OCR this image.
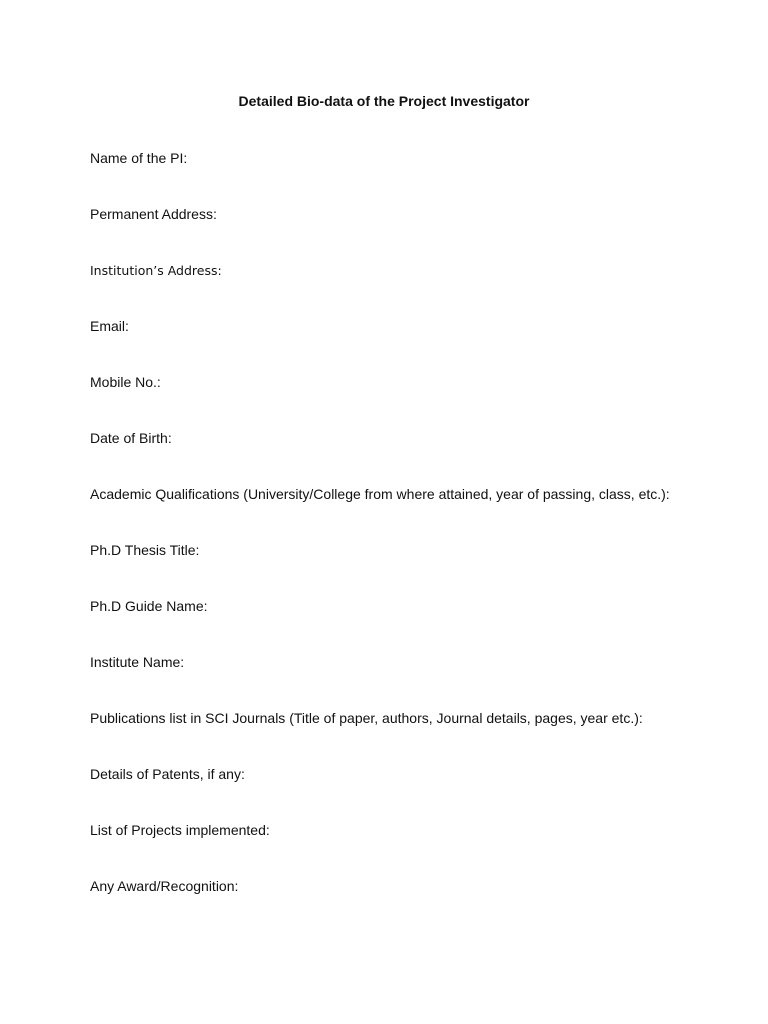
Detailed Bio-data of the Project Investigator
Name of the PI:
Permanent Address:
Institution’s Address:
Email:
Mobile No.:
Date of Birth:
Academic Qualifications (University/College from where attained, year of passing, class, etc.):
Ph.D Thesis Title:
Ph.D Guide Name:
Institute Name:
Publications list in SCI Journals (Title of paper, authors, Journal details, pages, year etc.):
Details of Patents, if any:
List of Projects implemented:
Any Award/Recognition:
